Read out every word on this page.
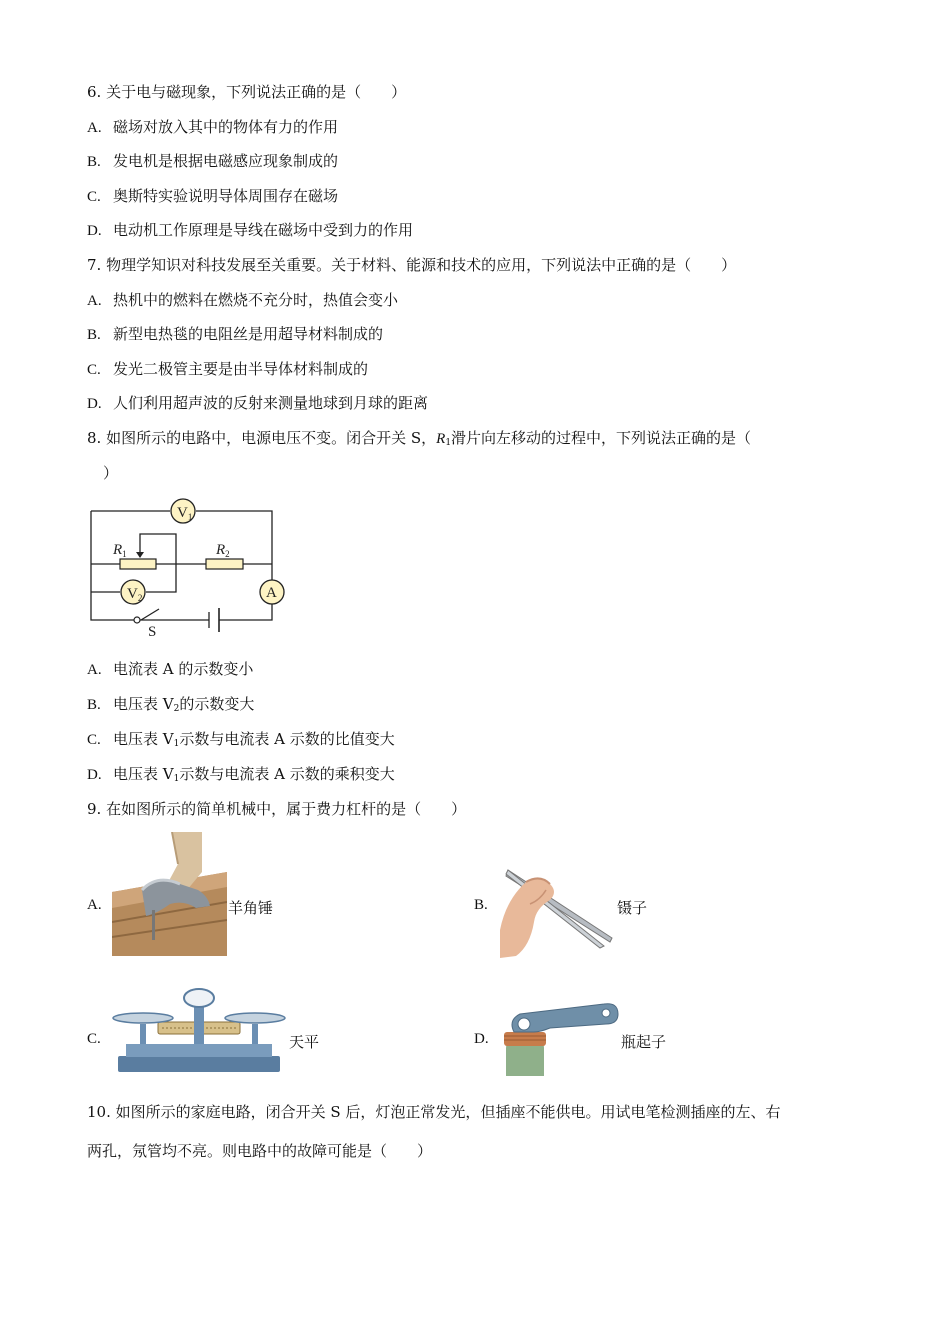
6. 关于电与磁现象，下列说法正确的是（　　）
A. 磁场对放入其中的物体有力的作用
B. 发电机是根据电磁感应现象制成的
C. 奥斯特实验说明导体周围存在磁场
D. 电动机工作原理是导线在磁场中受到力的作用
7. 物理学知识对科技发展至关重要。关于材料、能源和技术的应用，下列说法中正确的是（　　）
A. 热机中的燃料在燃烧不充分时，热值会变小
B. 新型电热毯的电阻丝是用超导材料制成的
C. 发光二极管主要是由半导体材料制成的
D. 人们利用超声波的反射来测量地球到月球的距离
8. 如图所示的电路中，电源电压不变。闭合开关 S，$R_1$滑片向左移动的过程中，下列说法正确的是（
）
$V_1$
$V_2$	A
$R_1$	$R_2$
S
A. 电流表 A 的示数变小
B. 电压表 $V_2$的示数变大
C. 电压表 $V_1$示数与电流表 A 示数的比值变大
D. 电压表 $V_1$示数与电流表 A 示数的乘积变大
9. 在如图所示的简单机械中，属于费力杠杆的是（　　）
A.	羊角锤	B.	镊子
C.	天平	D.	瓶起子
10. 如图所示的家庭电路，闭合开关 S 后，灯泡正常发光，但插座不能供电。用试电笔检测插座的左、右
两孔，氖管均不亮。则电路中的故障可能是（　　）
